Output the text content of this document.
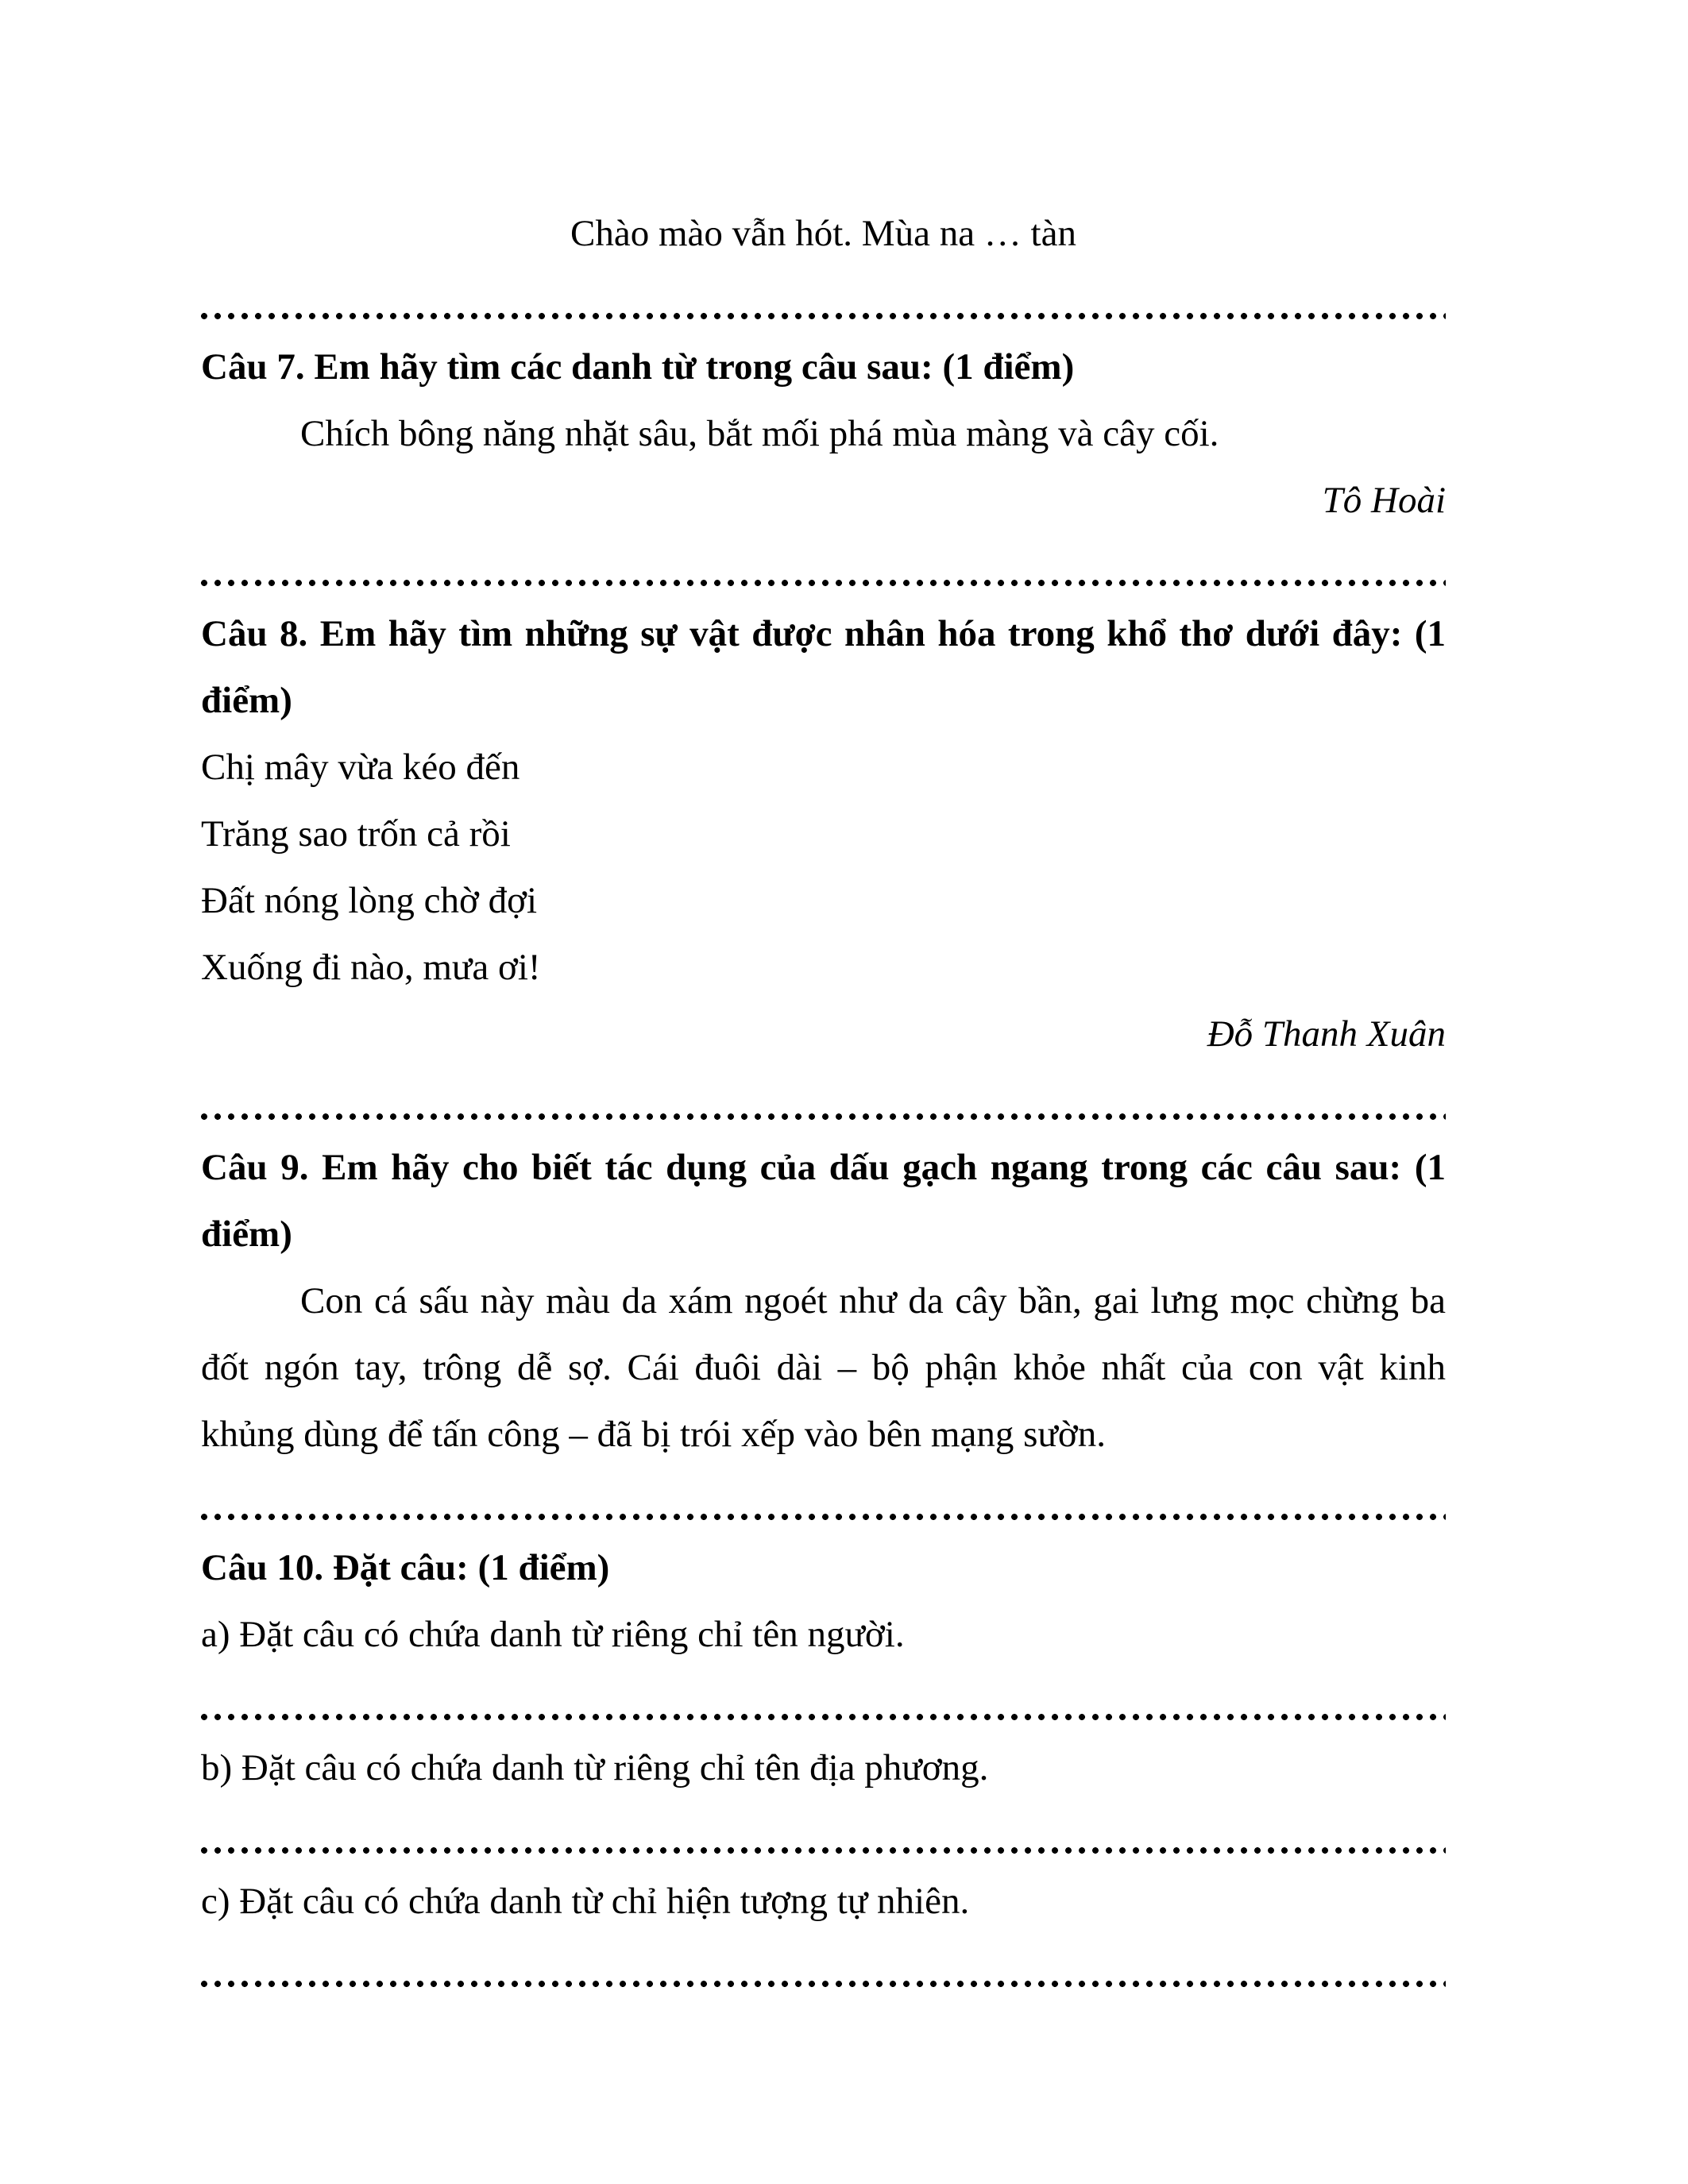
Chào mào vẫn hót. Mùa na … tàn
Câu 7. Em hãy tìm các danh từ trong câu sau: (1 điểm)
Chích bông năng nhặt sâu, bắt mối phá mùa màng và cây cối.
Tô Hoài
Câu 8. Em hãy tìm những sự vật được nhân hóa trong khổ thơ dưới đây: (1
điểm)
Chị mây vừa kéo đến
Trăng sao trốn cả rồi
Đất nóng lòng chờ đợi
Xuống đi nào, mưa ơi!
Đỗ Thanh Xuân
Câu 9. Em hãy cho biết tác dụng của dấu gạch ngang trong các câu sau: (1
điểm)
Con cá sấu này màu da xám ngoét như da cây bần, gai lưng mọc chừng ba
đốt ngón tay, trông dễ sợ. Cái đuôi dài – bộ phận khỏe nhất của con vật kinh
khủng dùng để tấn công – đã bị trói xếp vào bên mạng sườn.
Câu 10. Đặt câu: (1 điểm)
a) Đặt câu có chứa danh từ riêng chỉ tên người.
b) Đặt câu có chứa danh từ riêng chỉ tên địa phương.
c) Đặt câu có chứa danh từ chỉ hiện tượng tự nhiên.
